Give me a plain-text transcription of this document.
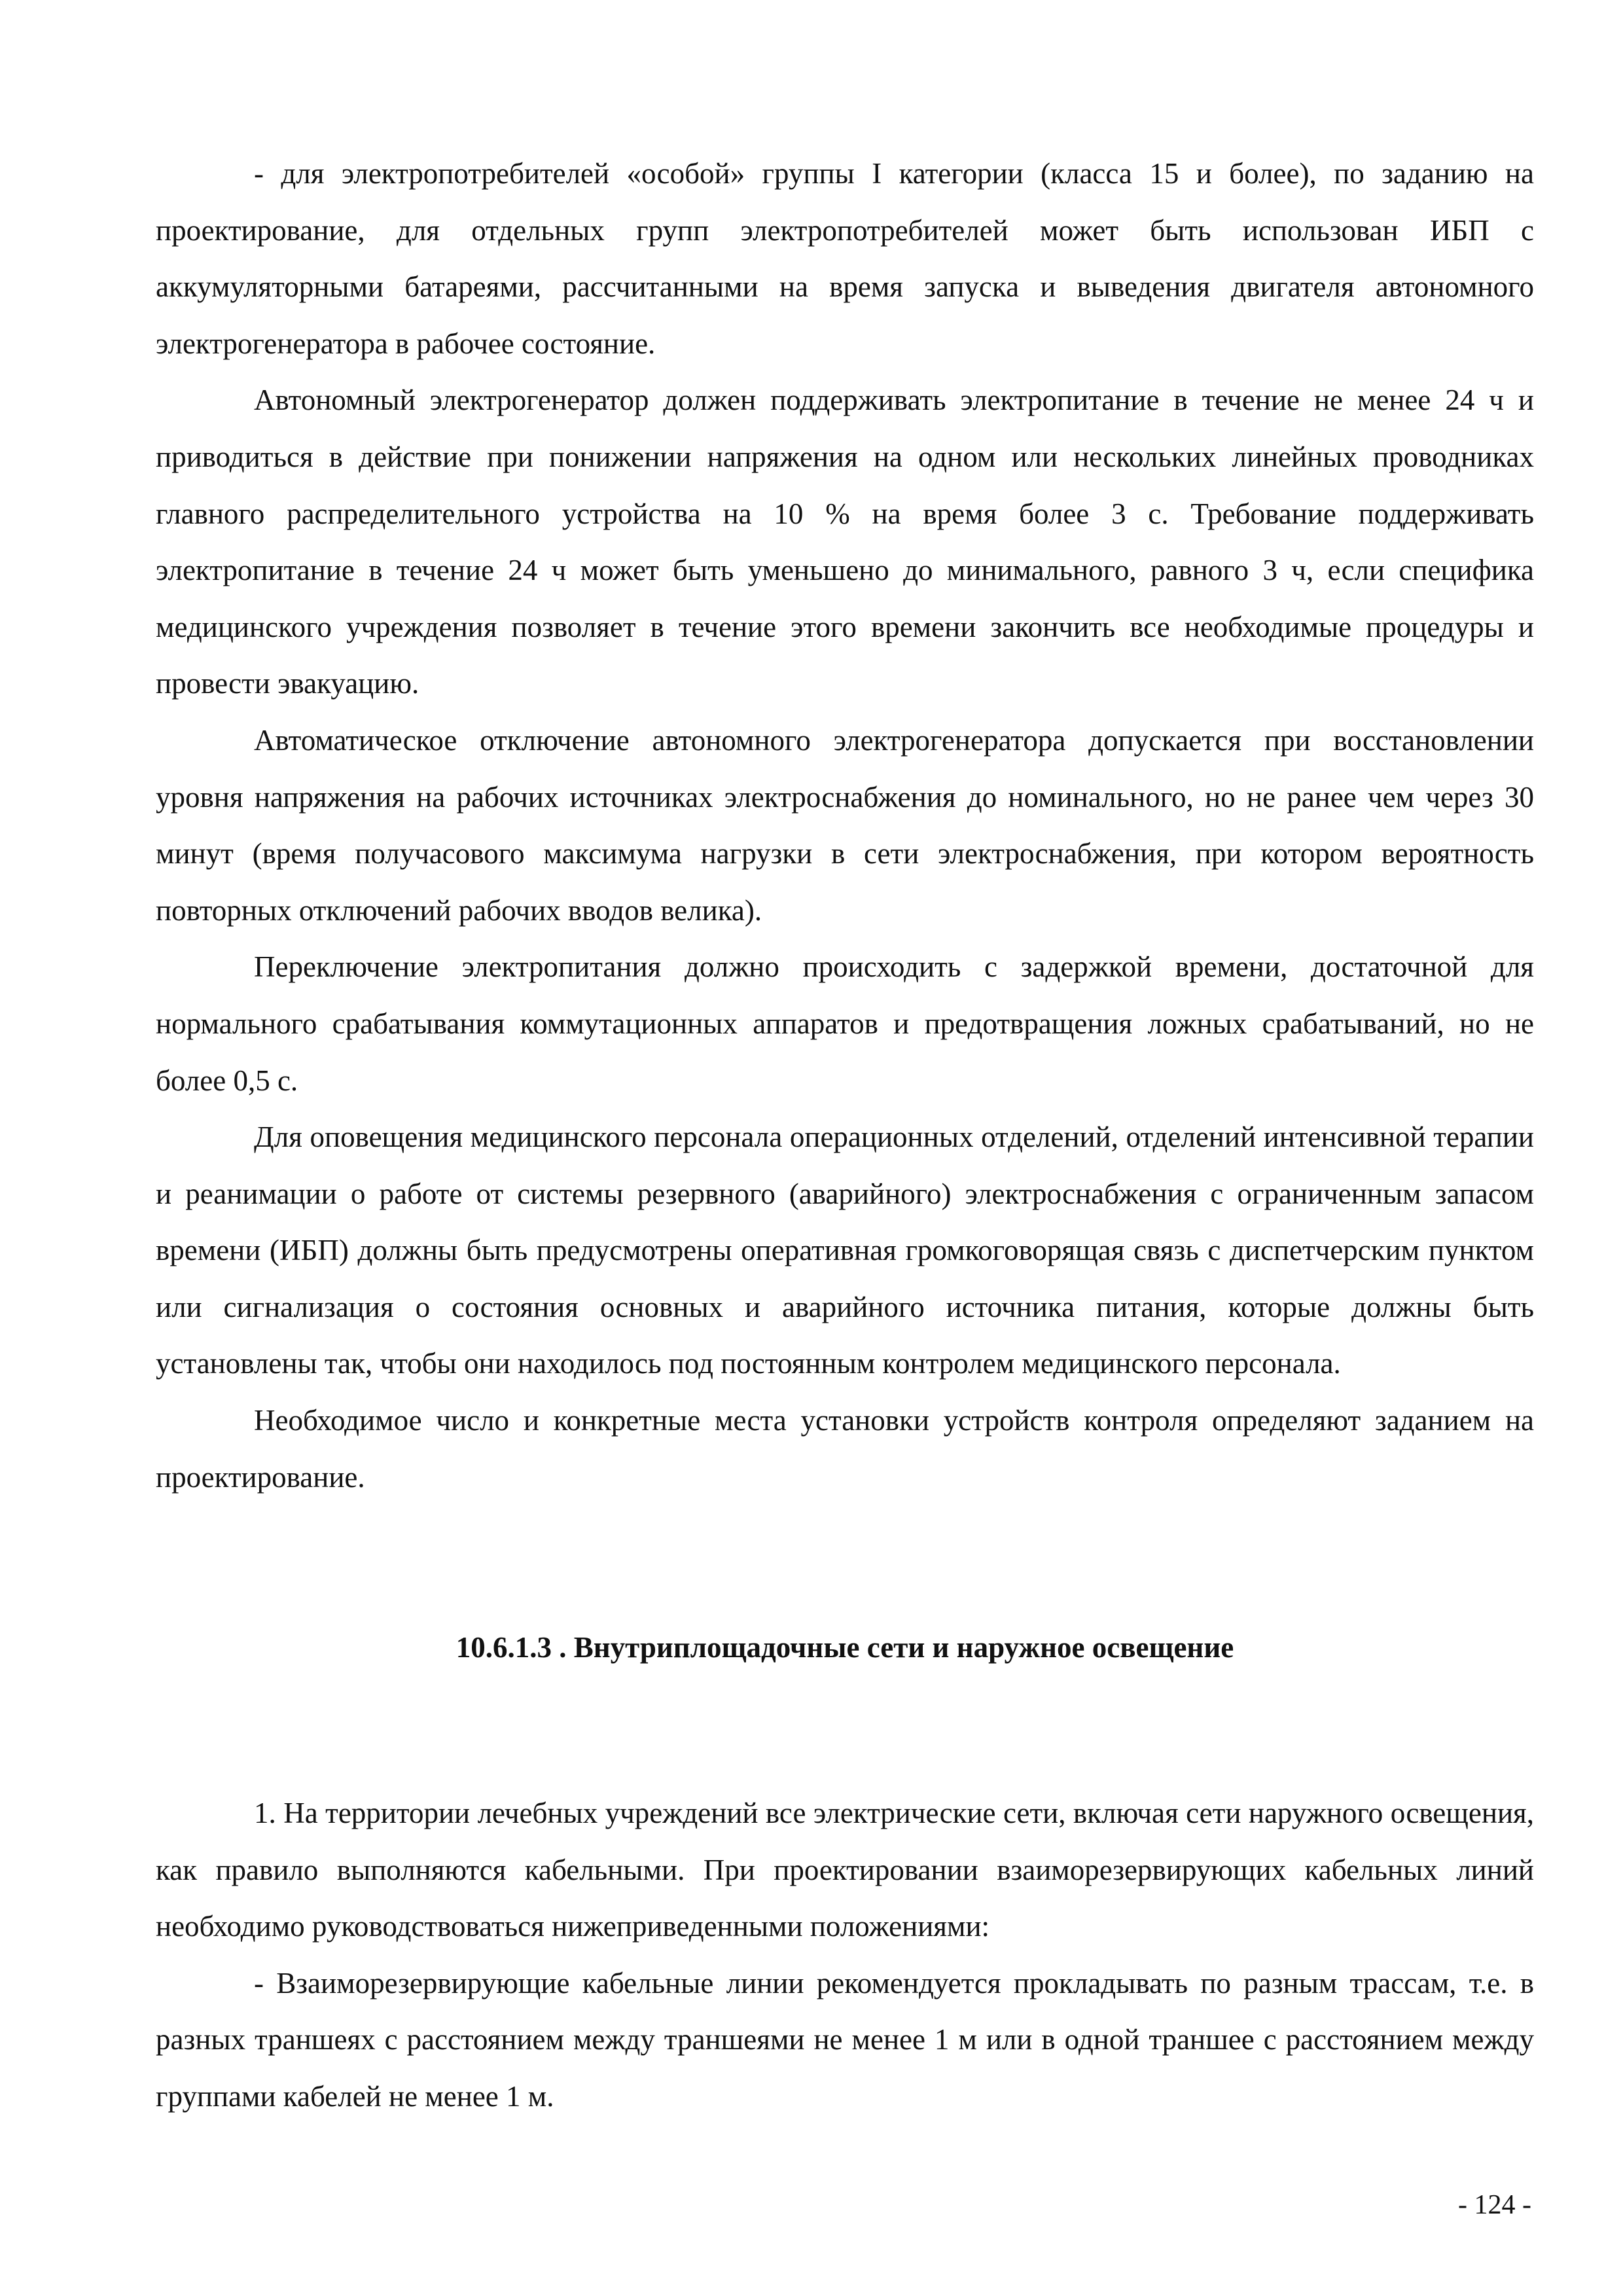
- для электропотребителей «особой» группы I категории (класса 15 и более), по заданию на проектирование, для отдельных групп электропотребителей может быть использован ИБП с аккумуляторными батареями, рассчитанными на время запуска и выведения двигателя автономного электрогенератора в рабочее состояние.

Автономный электрогенератор должен поддерживать электропитание в течение не менее 24 ч и приводиться в действие при понижении напряжения на одном или нескольких линейных проводниках главного распределительного устройства на 10 % на время более 3 с. Требование поддерживать электропитание в течение 24 ч может быть уменьшено до минимального, равного 3 ч, если специфика медицинского учреждения позволяет в течение этого времени закончить все необходимые процедуры и провести эвакуацию.

Автоматическое отключение автономного электрогенератора допускается при восстановлении уровня напряжения на рабочих источниках электроснабжения до номинального, но не ранее чем через 30 минут (время получасового максимума нагрузки в сети электроснабжения, при котором вероятность повторных отключений рабочих вводов велика).

Переключение электропитания должно происходить с задержкой времени, достаточной для нормального срабатывания коммутационных аппаратов и предотвращения ложных срабатываний, но не более 0,5 с.

Для оповещения медицинского персонала операционных отделений, отделений интенсивной терапии и реанимации о работе от системы резервного (аварийного) электроснабжения с ограниченным запасом времени (ИБП) должны быть предусмотрены оперативная громкоговорящая связь с диспетчерским пунктом или сигнализация о состояния основных и аварийного источника питания, которые должны быть установлены так, чтобы они находилось под постоянным контролем медицинского персонала.

Необходимое число и конкретные места установки устройств контроля определяют заданием на проектирование.

10.6.1.3 . Внутриплощадочные сети и наружное освещение

1. На территории лечебных учреждений все электрические сети, включая сети наружного освещения, как правило выполняются кабельными. При проектировании взаиморезервирующих кабельных линий необходимо руководствоваться нижеприведенными положениями:

- Взаиморезервирующие кабельные линии рекомендуется прокладывать по разным трассам, т.е. в разных траншеях с расстоянием между траншеями не менее 1 м или в одной траншее с расстоянием между группами кабелей не менее 1 м.

- 124 -
